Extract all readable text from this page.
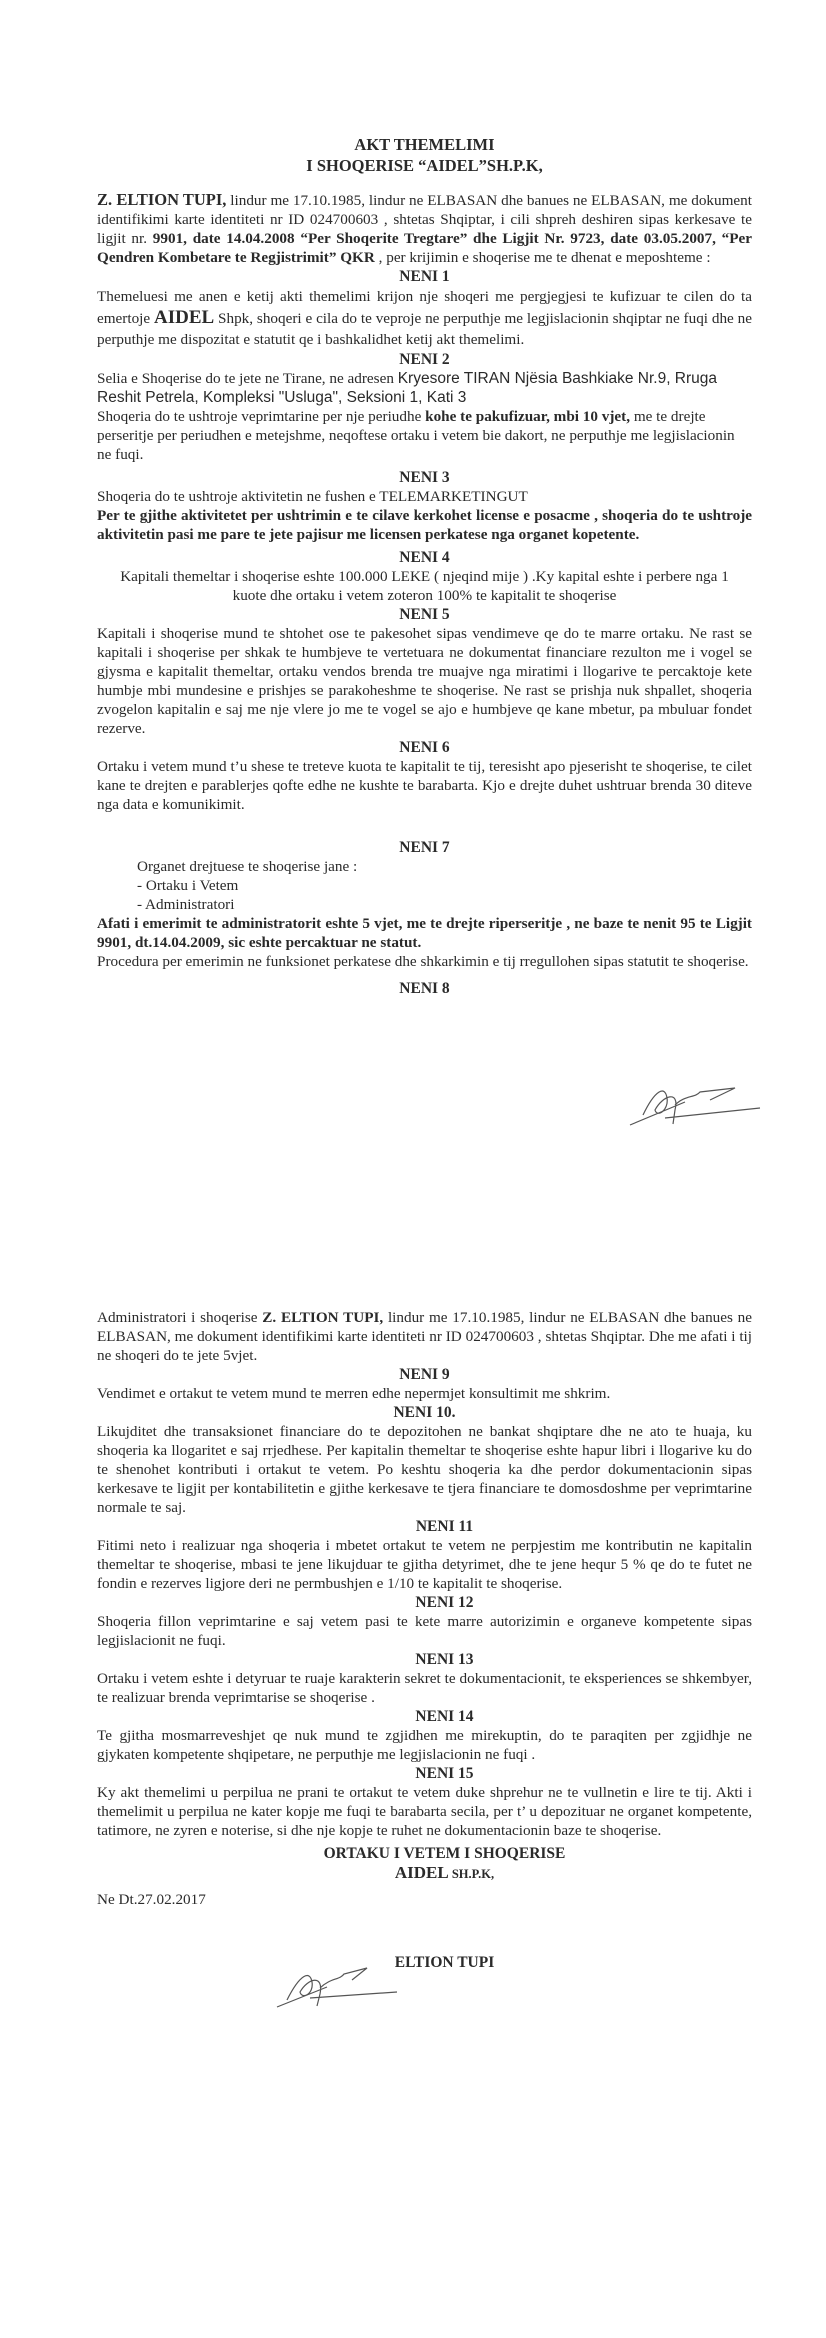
AKT THEMELIMI
I SHOQERISE “AIDEL”SH.P.K,

Z. ELTION TUPI, lindur me 17.10.1985, lindur ne ELBASAN dhe banues ne ELBASAN, me dokument identifikimi karte identiteti nr ID 024700603 , shtetas Shqiptar, i cili shpreh deshiren sipas kerkesave te ligjit nr. 9901, date 14.04.2008 “Per Shoqerite Tregtare” dhe Ligjit Nr. 9723, date 03.05.2007, “Per Qendren Kombetare te Regjistrimit” QKR , per krijimin e shoqerise me te dhenat e meposhteme :

NENI 1

Themeluesi me anen e ketij akti themelimi krijon nje shoqeri me pergjegjesi te kufizuar te cilen do ta emertoje AIDEL Shpk, shoqeri e cila do te veproje ne perputhje me legjislacionin shqiptar ne fuqi dhe ne perputhje me dispozitat e statutit qe i bashkalidhet ketij akt themelimi.

NENI 2

Selia e Shoqerise do te jete ne Tirane, ne adresen Kryesore TIRAN Njësia Bashkiake Nr.9, Rruga Reshit Petrela, Kompleksi "Usluga", Seksioni 1, Kati 3

Shoqeria do te ushtroje veprimtarine per nje periudhe kohe te pakufizuar, mbi 10 vjet, me te drejte perseritje per periudhen e metejshme, neqoftese ortaku i vetem bie dakort, ne perputhje me legjislacionin ne fuqi.

NENI 3

Shoqeria do te ushtroje aktivitetin ne fushen e TELEMARKETINGUT

Per te gjithe aktivitetet per ushtrimin e te cilave kerkohet license e posacme , shoqeria do te ushtroje aktivitetin pasi me pare te jete pajisur me licensen perkatese nga organet kopetente.

NENI 4

Kapitali themeltar i shoqerise eshte 100.000 LEKE ( njeqind mije ) .Ky kapital eshte i perbere nga 1 kuote dhe ortaku i vetem zoteron 100% te kapitalit te shoqerise

NENI 5

Kapitali i shoqerise mund te shtohet ose te pakesohet sipas vendimeve qe do te marre ortaku. Ne rast se kapitali i shoqerise per shkak te humbjeve te vertetuara ne dokumentat financiare rezulton me i vogel se gjysma e kapitalit themeltar, ortaku vendos brenda tre muajve nga miratimi i llogarive te percaktoje kete humbje mbi mundesine e prishjes se parakoheshme te shoqerise. Ne rast se prishja nuk shpallet, shoqeria zvogelon kapitalin e saj me nje vlere jo me te vogel se ajo e humbjeve qe kane mbetur, pa mbuluar fondet rezerve.

NENI 6

Ortaku i vetem mund t’u shese te treteve kuota te kapitalit te tij, teresisht apo pjeserisht te shoqerise, te cilet kane te drejten e parablerjes qofte edhe ne kushte te barabarta. Kjo e drejte duhet ushtruar brenda 30 diteve nga data e komunikimit.

NENI 7

Organet drejtuese te shoqerise jane :

- Ortaku i Vetem

- Administratori

Afati i emerimit te administratorit eshte 5 vjet, me te drejte riperseritje , ne baze te nenit 95 te Ligjit 9901, dt.14.04.2009, sic eshte percaktuar ne statut.

Procedura per emerimin ne funksionet perkatese dhe shkarkimin e tij rregullohen sipas statutit te shoqerise.

NENI 8

Administratori i shoqerise Z. ELTION TUPI, lindur me 17.10.1985, lindur ne ELBASAN dhe banues ne ELBASAN, me dokument identifikimi karte identiteti nr ID 024700603 , shtetas Shqiptar. Dhe me afati i tij ne shoqeri do te jete 5vjet.

NENI 9

Vendimet e ortakut te vetem mund te merren edhe nepermjet konsultimit me shkrim.

NENI 10.

Likujditet dhe transaksionet financiare do te depozitohen ne bankat shqiptare dhe ne ato te huaja, ku shoqeria ka llogaritet e saj rrjedhese. Per kapitalin themeltar te shoqerise eshte hapur libri i llogarive ku do te shenohet kontributi i ortakut te vetem. Po keshtu shoqeria ka dhe perdor dokumentacionin sipas kerkesave te ligjit per kontabilitetin e gjithe kerkesave te tjera financiare te domosdoshme per veprimtarine normale te saj.

NENI 11

Fitimi neto i realizuar nga shoqeria i mbetet ortakut te vetem ne perpjestim me kontributin ne kapitalin themeltar te shoqerise, mbasi te jene likujduar te gjitha detyrimet, dhe te jene hequr 5 % qe do te futet ne fondin e rezerves ligjore deri ne permbushjen e 1/10 te kapitalit te shoqerise.

NENI 12

Shoqeria fillon veprimtarine e saj vetem pasi te kete marre autorizimin e organeve kompetente sipas legjislacionit ne fuqi.

NENI 13

Ortaku i vetem eshte i detyruar te ruaje karakterin sekret te dokumentacionit, te eksperiences se shkembyer, te realizuar brenda veprimtarise se shoqerise .

NENI 14

Te gjitha mosmarreveshjet qe nuk mund te zgjidhen me mirekuptin, do te paraqiten per zgjidhje ne gjykaten kompetente shqipetare, ne perputhje me legjislacionin ne fuqi .

NENI 15

Ky akt themelimi u perpilua ne prani te ortakut te vetem duke shprehur ne te vullnetin e lire te tij. Akti i themelimit u perpilua ne kater kopje me fuqi te barabarta secila, per t’ u depozituar ne organet kompetente, tatimore, ne zyren e noterise, si dhe nje kopje te ruhet ne dokumentacionin baze te shoqerise.

ORTAKU I VETEM I SHOQERISE
AIDEL SH.P.K,

Ne Dt.27.02.2017

ELTION TUPI
